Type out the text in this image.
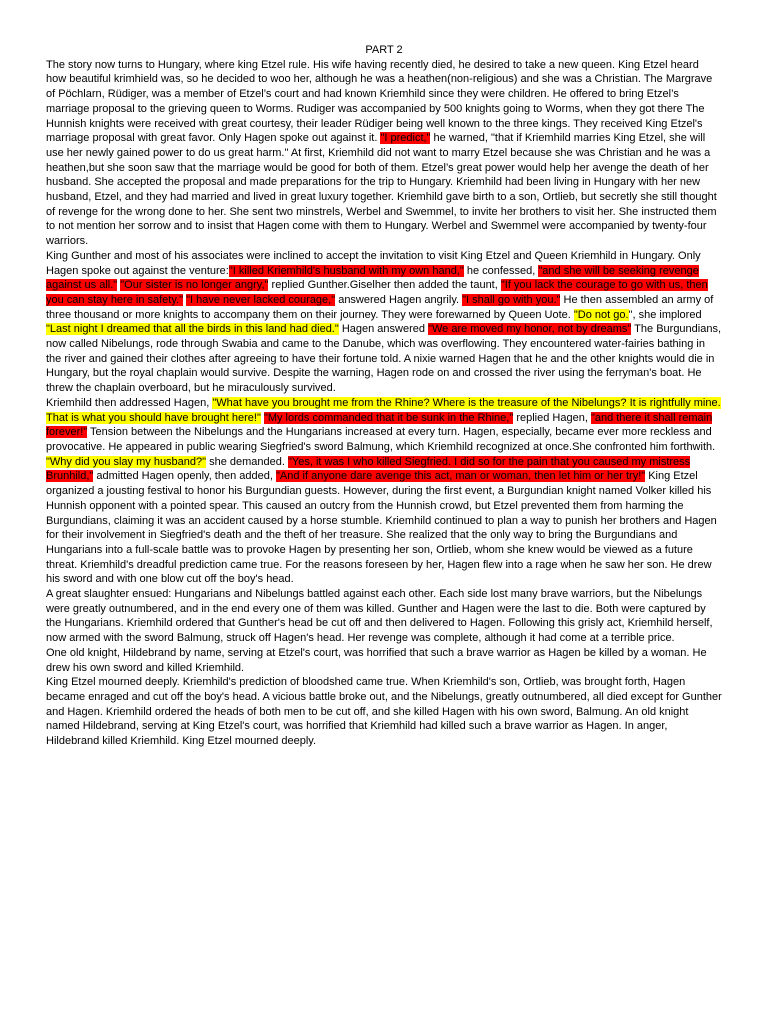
PART 2

The story now turns to Hungary, where king Etzel rule. His wife having recently died, he desired to take a new queen. King Etzel heard how beautiful krimhield was, so he decided to woo her, although he was a heathen(non-religious) and she was a Christian. The Margrave of Pöchlarn, Rüdiger, was a member of Etzel’s court and had known Kriemhild since they were children. He offered to bring Etzel’s marriage proposal to the grieving queen to Worms. Rudiger was accompanied by 500 knights going to Worms, when they got there The Hunnish knights were received with great courtesy, their leader Rüdiger being well known to the three kings. They received King Etzel's marriage proposal with great favor. Only Hagen spoke out against it. "I predict," he warned, "that if Kriemhild marries King Etzel, she will use her newly gained power to do us great harm." At first, Kriemhild did not want to marry Etzel because she was Christian and he was a heathen,but she soon saw that the marriage would be good for both of them. Etzel’s great power would help her avenge the death of her husband. She accepted the proposal and made preparations for the trip to Hungary. Kriemhild had been living in Hungary with her new husband, Etzel, and they had married and lived in great luxury together. Kriemhild gave birth to a son, Ortlieb, but secretly she still thought of revenge for the wrong done to her. She sent two minstrels, Werbel and Swemmel, to invite her brothers to visit her. She instructed them to not mention her sorrow and to insist that Hagen come with them to Hungary. Werbel and Swemmel were accompanied by twenty-four warriors.

King Gunther and most of his associates were inclined to accept the invitation to visit King Etzel and Queen Kriemhild in Hungary. Only Hagen spoke out against the venture:"I killed Kriemhild's husband with my own hand," he confessed, "and she will be seeking revenge against us all." "Our sister is no longer angry," replied Gunther.Giselher then added the taunt, "If you lack the courage to go with us, then you can stay here in safety." "I have never lacked courage," answered Hagen angrily. "I shall go with you." He then assembled an army of three thousand or more knights to accompany them on their journey. They were forewarned by Queen Uote. "Do not go.", she implored "Last night I dreamed that all the birds in this land had died." Hagen answered "We are moved my honor, not by dreams" The Burgundians, now called Nibelungs, rode through Swabia and came to the Danube, which was overflowing. They encountered water-fairies bathing in the river and gained their clothes after agreeing to have their fortune told. A nixie warned Hagen that he and the other knights would die in Hungary, but the royal chaplain would survive. Despite the warning, Hagen rode on and crossed the river using the ferryman's boat. He threw the chaplain overboard, but he miraculously survived.

Kriemhild then addressed Hagen, "What have you brought me from the Rhine? Where is the treasure of the Nibelungs? It is rightfully mine. That is what you should have brought here!" "My lords commanded that it be sunk in the Rhine," replied Hagen, "and there it shall remain forever!" Tension between the Nibelungs and the Hungarians increased at every turn. Hagen, especially, became ever more reckless and provocative. He appeared in public wearing Siegfried's sword Balmung, which Kriemhild recognized at once.She confronted him forthwith. "Why did you slay my husband?" she demanded. "Yes, it was I who killed Siegfried. I did so for the pain that you caused my mistress Brunhild," admitted Hagen openly, then added, "And if anyone dare avenge this act, man or woman, then let him or her try!" King Etzel organized a jousting festival to honor his Burgundian guests. However, during the first event, a Burgundian knight named Volker killed his Hunnish opponent with a pointed spear. This caused an outcry from the Hunnish crowd, but Etzel prevented them from harming the Burgundians, claiming it was an accident caused by a horse stumble. Kriemhild continued to plan a way to punish her brothers and Hagen for their involvement in Siegfried's death and the theft of her treasure. She realized that the only way to bring the Burgundians and Hungarians into a full-scale battle was to provoke Hagen by presenting her son, Ortlieb, whom she knew would be viewed as a future threat. Kriemhild's dreadful prediction came true. For the reasons foreseen by her, Hagen flew into a rage when he saw her son. He drew his sword and with one blow cut off the boy's head.

A great slaughter ensued: Hungarians and Nibelungs battled against each other. Each side lost many brave warriors, but the Nibelungs were greatly outnumbered, and in the end every one of them was killed. Gunther and Hagen were the last to die. Both were captured by the Hungarians. Kriemhild ordered that Gunther's head be cut off and then delivered to Hagen. Following this grisly act, Kriemhild herself, now armed with the sword Balmung, struck off Hagen's head. Her revenge was complete, although it had come at a terrible price.

One old knight, Hildebrand by name, serving at Etzel's court, was horrified that such a brave warrior as Hagen be killed by a woman. He drew his own sword and killed Kriemhild.

King Etzel mourned deeply. Kriemhild's prediction of bloodshed came true. When Kriemhild's son, Ortlieb, was brought forth, Hagen became enraged and cut off the boy's head. A vicious battle broke out, and the Nibelungs, greatly outnumbered, all died except for Gunther and Hagen. Kriemhild ordered the heads of both men to be cut off, and she killed Hagen with his own sword, Balmung. An old knight named Hildebrand, serving at King Etzel's court, was horrified that Kriemhild had killed such a brave warrior as Hagen. In anger, Hildebrand killed Kriemhild. King Etzel mourned deeply.
